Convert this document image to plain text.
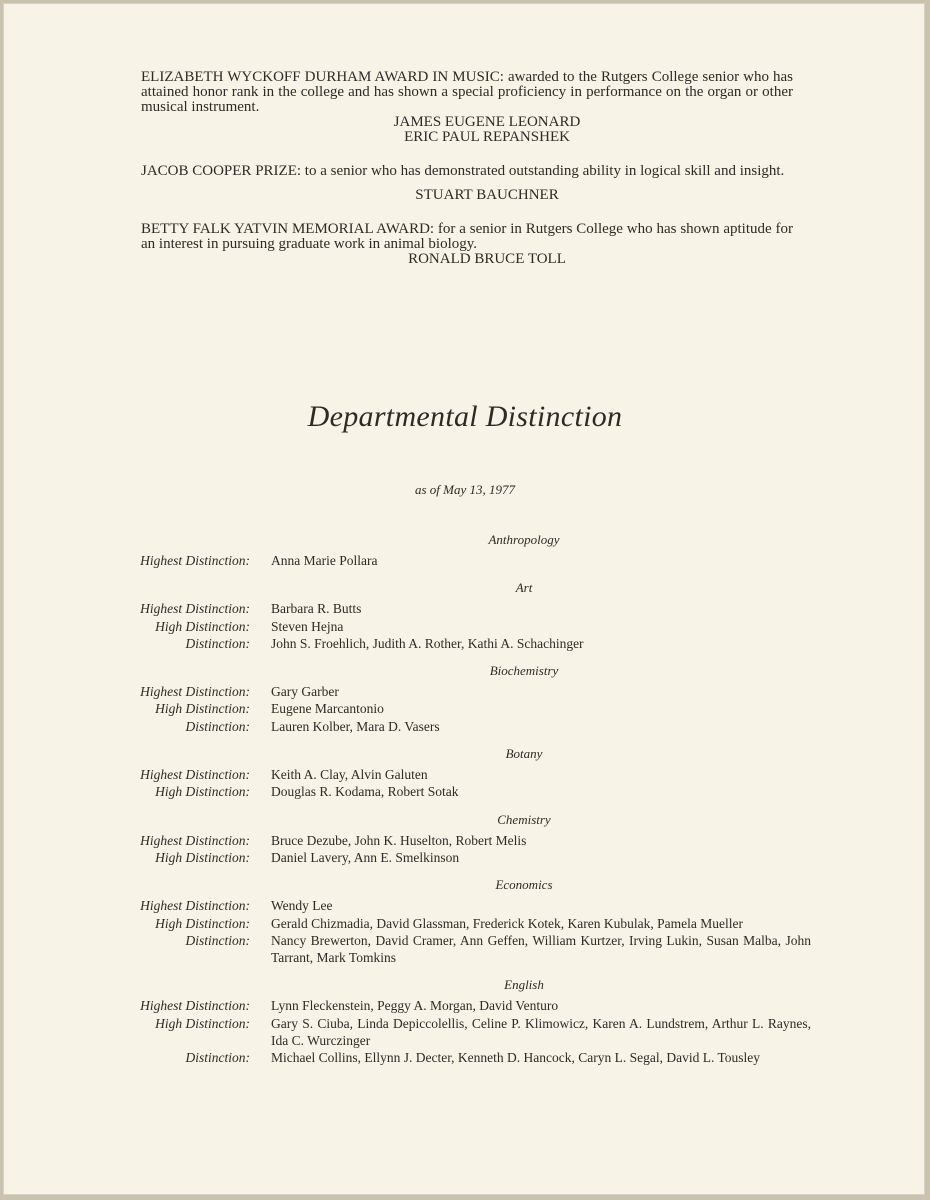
ELIZABETH WYCKOFF DURHAM AWARD IN MUSIC: awarded to the Rutgers College senior who has attained honor rank in the college and has shown a special proficiency in performance on the organ or other musical instrument.

JAMES EUGENE LEONARD

ERIC PAUL REPANSHEK

JACOB COOPER PRIZE: to a senior who has demonstrated outstanding ability in logical skill and insight.

STUART BAUCHNER

BETTY FALK YATVIN MEMORIAL AWARD: for a senior in Rutgers College who has shown aptitude for an interest in pursuing graduate work in animal biology.

RONALD BRUCE TOLL

Departmental Distinction
as of May 13, 1977
Anthropology
Highest Distinction: Anna Marie Pollara
Art
Highest Distinction: Barbara R. Butts
High Distinction: Steven Hejna
Distinction: John S. Froehlich, Judith A. Rother, Kathi A. Schachinger
Biochemistry
Highest Distinction: Gary Garber
High Distinction: Eugene Marcantonio
Distinction: Lauren Kolber, Mara D. Vasers
Botany
Highest Distinction: Keith A. Clay, Alvin Galuten
High Distinction: Douglas R. Kodama, Robert Sotak
Chemistry
Highest Distinction: Bruce Dezube, John K. Huselton, Robert Melis
High Distinction: Daniel Lavery, Ann E. Smelkinson
Economics
Highest Distinction: Wendy Lee
High Distinction: Gerald Chizmadia, David Glassman, Frederick Kotek, Karen Kubulak, Pamela Mueller
Distinction: Nancy Brewerton, David Cramer, Ann Geffen, William Kurtzer, Irving Lukin, Susan Malba, John Tarrant, Mark Tomkins
English
Highest Distinction: Lynn Fleckenstein, Peggy A. Morgan, David Venturo
High Distinction: Gary S. Ciuba, Linda Depiccolellis, Celine P. Klimowicz, Karen A. Lundstrem, Arthur L. Raynes, Ida C. Wurczinger
Distinction: Michael Collins, Ellynn J. Decter, Kenneth D. Hancock, Caryn L. Segal, David L. Tousley
